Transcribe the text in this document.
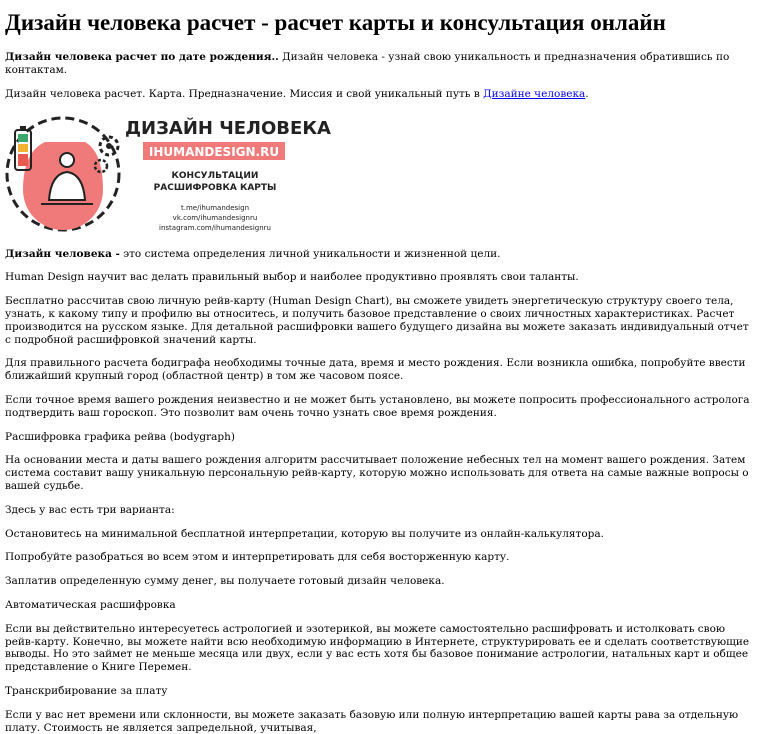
Дизайн человека расчет - расчет карты и консультация онлайн

Дизайн человека расчет по дате рождения.. Дизайн человека - узнай свою уникальность и предназначения обратившись по контактам.

Дизайн человека расчет. Карта. Предназначение. Миссия и свой уникальный путь в Дизайне человека.

ДИЗАЙН ЧЕЛОВЕКА
IHUMANDESIGN.RU
КОНСУЛЬТАЦИИ
РАСШИФРОВКА КАРТЫ
t.me/ihumandesign
vk.com/ihumandesignru
instagram.com/ihumandesignru

Дизайн человека - это система определения личной уникальности и жизненной цели.

Human Design научит вас делать правильный выбор и наиболее продуктивно проявлять свои таланты.

Бесплатно рассчитав свою личную рейв-карту (Human Design Chart), вы сможете увидеть энергетическую структуру своего тела, узнать, к какому типу и профилю вы относитесь, и получить базовое представление о своих личностных характеристиках. Расчет производится на русском языке. Для детальной расшифровки вашего будущего дизайна вы можете заказать индивидуальный отчет с подробной расшифровкой значений карты.

Для правильного расчета бодиграфа необходимы точные дата, время и место рождения. Если возникла ошибка, попробуйте ввести ближайший крупный город (областной центр) в том же часовом поясе.

Если точное время вашего рождения неизвестно и не может быть установлено, вы можете попросить профессионального астролога подтвердить ваш гороскоп. Это позволит вам очень точно узнать свое время рождения.

Расшифровка графика рейва (bodygraph)

На основании места и даты вашего рождения алгоритм рассчитывает положение небесных тел на момент вашего рождения. Затем система составит вашу уникальную персональную рейв-карту, которую можно использовать для ответа на самые важные вопросы о вашей судьбе.

Здесь у вас есть три варианта:

Остановитесь на минимальной бесплатной интерпретации, которую вы получите из онлайн-калькулятора.

Попробуйте разобраться во всем этом и интерпретировать для себя восторженную карту.

Заплатив определенную сумму денег, вы получаете готовый дизайн человека.

Автоматическая расшифровка

Если вы действительно интересуетесь астрологией и эзотерикой, вы можете самостоятельно расшифровать и истолковать свою рейв-карту. Конечно, вы можете найти всю необходимую информацию в Интернете, структурировать ее и сделать соответствующие выводы. Но это займет не меньше месяца или двух, если у вас есть хотя бы базовое понимание астрологии, натальных карт и общее представление о Книге Перемен.

Транскрибирование за плату

Если у вас нет времени или склонности, вы можете заказать базовую или полную интерпретацию вашей карты рава за отдельную плату. Стоимость не является запредельной, учитывая,
